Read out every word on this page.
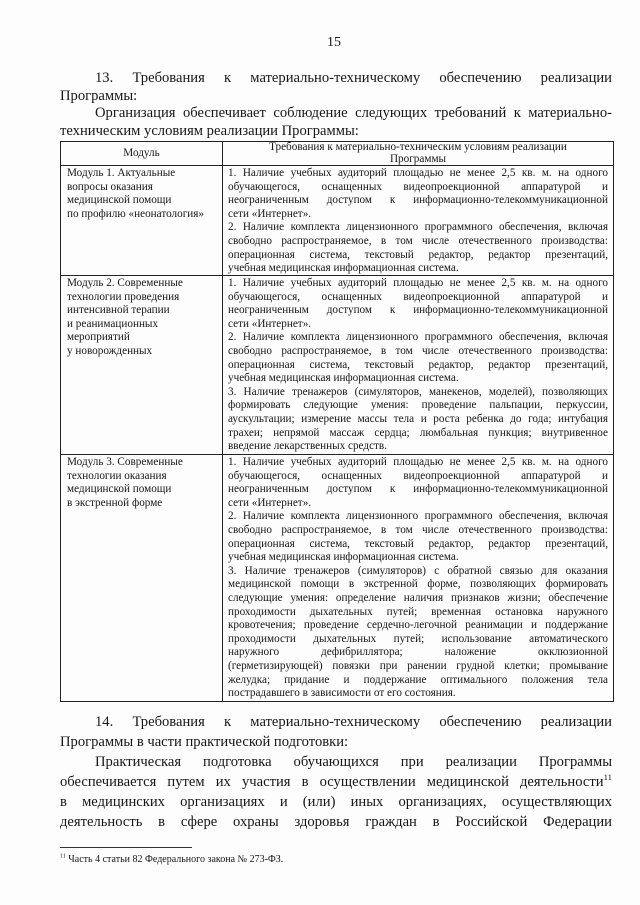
15
13. Требования к материально-техническому обеспечению реализации
Программы:
Организация обеспечивает соблюдение следующих требований к материально-
техническим условиям реализации Программы:
Модуль	Требования к материально-техническим условиям реализации
Программы
Модуль 1. Актуальные
вопросы оказания
медицинской помощи
по профилю «неонатология»
1. Наличие учебных аудиторий площадью не менее 2,5 кв. м. на одного
обучающегося, оснащенных видеопроекционной аппаратурой и
неограниченным доступом к информационно-телекоммуникационной
сети «Интернет».
2. Наличие комплекта лицензионного программного обеспечения, включая
свободно распространяемое, в том числе отечественного производства:
операционная система, текстовый редактор, редактор презентаций,
учебная медицинская информационная система.
Модуль 2. Современные
технологии проведения
интенсивной терапии
и реанимационных
мероприятий
у новорожденных
1. Наличие учебных аудиторий площадью не менее 2,5 кв. м. на одного
обучающегося, оснащенных видеопроекционной аппаратурой и
неограниченным доступом к информационно-телекоммуникационной
сети «Интернет».
2. Наличие комплекта лицензионного программного обеспечения, включая
свободно распространяемое, в том числе отечественного производства:
операционная система, текстовый редактор, редактор презентаций,
учебная медицинская информационная система.
3. Наличие тренажеров (симуляторов, манекенов, моделей), позволяющих
формировать следующие умения: проведение пальпации, перкуссии,
аускультации; измерение массы тела и роста ребенка до года; интубация
трахеи; непрямой массаж сердца; люмбальная пункция; внутривенное
введение лекарственных средств.
Модуль 3. Современные
технологии оказания
медицинской помощи
в экстренной форме
1. Наличие учебных аудиторий площадью не менее 2,5 кв. м. на одного
обучающегося, оснащенных видеопроекционной аппаратурой и
неограниченным доступом к информационно-телекоммуникационной
сети «Интернет».
2. Наличие комплекта лицензионного программного обеспечения, включая
свободно распространяемое, в том числе отечественного производства:
операционная система, текстовый редактор, редактор презентаций,
учебная медицинская информационная система.
3. Наличие тренажеров (симуляторов) с обратной связью для оказания
медицинской помощи в экстренной форме, позволяющих формировать
следующие умения: определение наличия признаков жизни; обеспечение
проходимости дыхательных путей; временная остановка наружного
кровотечения; проведение сердечно-легочной реанимации и поддержание
проходимости дыхательных путей; использование автоматического
наружного дефибриллятора; наложение окклюзионной
(герметизирующей) повязки при ранении грудной клетки; промывание
желудка; придание и поддержание оптимального положения тела
пострадавшего в зависимости от его состояния.
14. Требования к материально-техническому обеспечению реализации
Программы в части практической подготовки:
Практическая подготовка обучающихся при реализации Программы
обеспечивается путем их участия в осуществлении медицинской деятельности$^{11}$
в медицинских организациях и (или) иных организациях, осуществляющих
деятельность в сфере охраны здоровья граждан в Российской Федерации
$^{11}$ Часть 4 статьи 82 Федерального закона № 273-ФЗ.
